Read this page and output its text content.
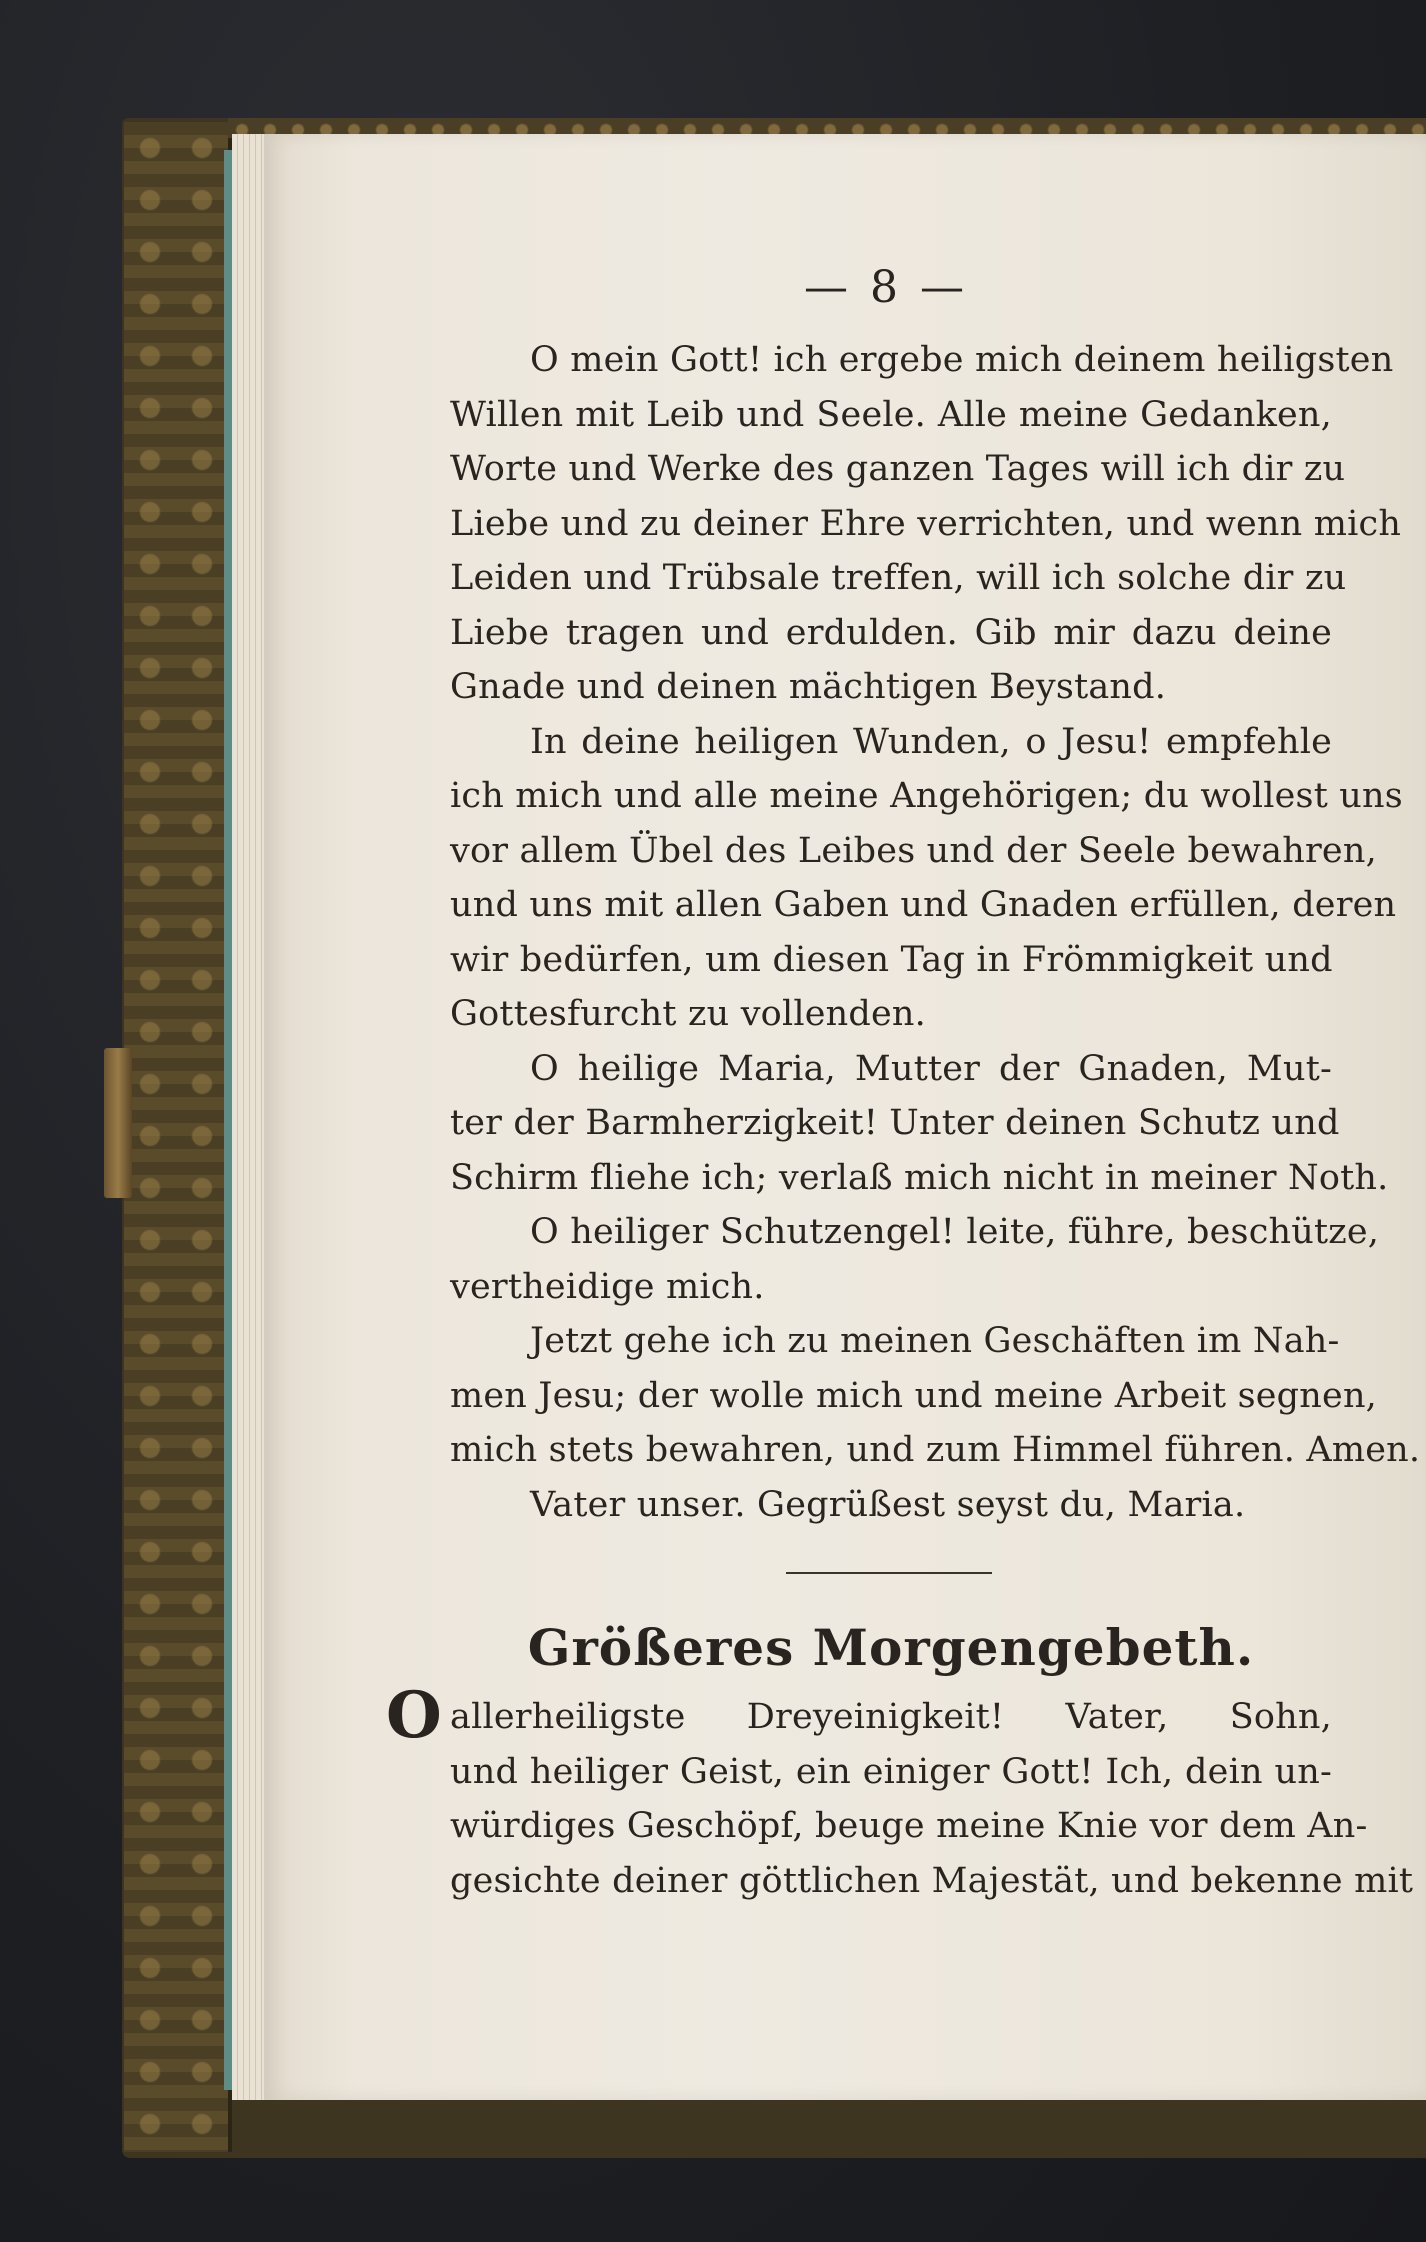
— 8 —
O mein Gott! ich ergebe mich deinem heiligsten
Willen mit Leib und Seele. Alle meine Gedanken,
Worte und Werke des ganzen Tages will ich dir zu
Liebe und zu deiner Ehre verrichten, und wenn mich
Leiden und Trübsale treffen, will ich solche dir zu
Liebe tragen und erdulden. Gib mir dazu deine
Gnade und deinen mächtigen Beystand.
In deine heiligen Wunden, o Jesu! empfehle
ich mich und alle meine Angehörigen; du wollest uns
vor allem Übel des Leibes und der Seele bewahren,
und uns mit allen Gaben und Gnaden erfüllen, deren
wir bedürfen, um diesen Tag in Frömmigkeit und
Gottesfurcht zu vollenden.
O heilige Maria, Mutter der Gnaden, Mut-
ter der Barmherzigkeit! Unter deinen Schutz und
Schirm fliehe ich; verlaß mich nicht in meiner Noth.
O heiliger Schutzengel! leite, führe, beschütze,
vertheidige mich.
Jetzt gehe ich zu meinen Geschäften im Nah-
men Jesu; der wolle mich und meine Arbeit segnen,
mich stets bewahren, und zum Himmel führen. Amen.
Vater unser. Gegrüßest seyst du, Maria.
Größeres Morgengebeth.
O allerheiligste Dreyeinigkeit! Vater, Sohn,
und heiliger Geist, ein einiger Gott! Ich, dein un-
würdiges Geschöpf, beuge meine Knie vor dem An-
gesichte deiner göttlichen Majestät, und bekenne mit
